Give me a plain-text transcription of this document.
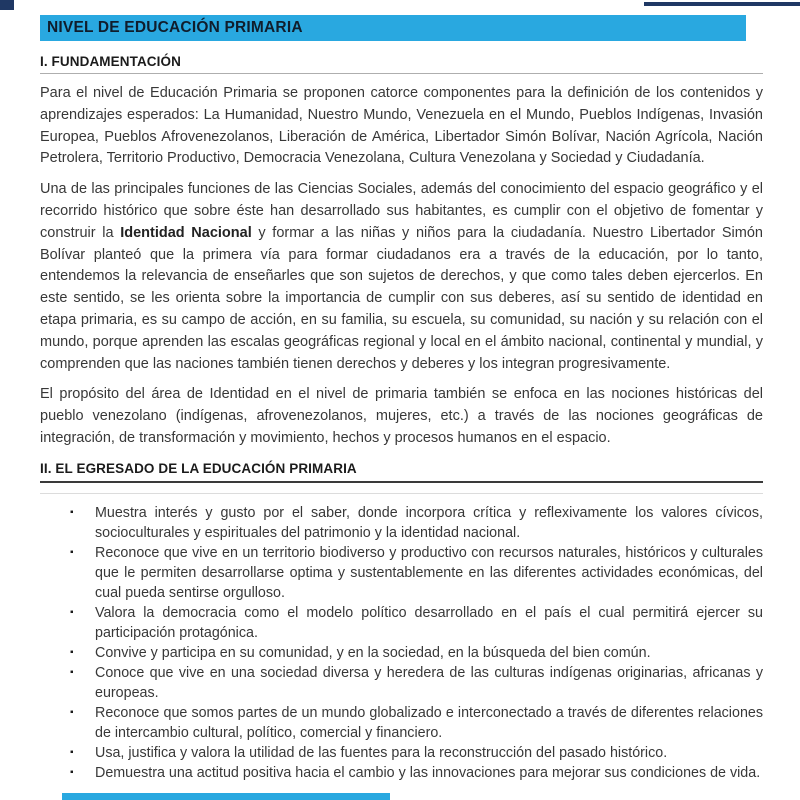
NIVEL DE EDUCACIÓN PRIMARIA
I. FUNDAMENTACIÓN

Para el nivel de Educación Primaria se proponen catorce componentes para la definición de los contenidos y aprendizajes esperados: La Humanidad, Nuestro Mundo, Venezuela en el Mundo, Pueblos Indígenas, Invasión Europea, Pueblos Afrovenezolanos, Liberación de América, Libertador Simón Bolívar, Nación Agrícola, Nación Petrolera, Territorio Productivo, Democracia Venezolana, Cultura Venezolana y Sociedad y Ciudadanía.

Una de las principales funciones de las Ciencias Sociales, además del conocimiento del espacio geográfico y el recorrido histórico que sobre éste han desarrollado sus habitantes, es cumplir con el objetivo de fomentar y construir la Identidad Nacional y formar a las niñas y niños para la ciudadanía. Nuestro Libertador Simón Bolívar planteó que la primera vía para formar ciudadanos era a través de la educación, por lo tanto, entendemos la relevancia de enseñarles que son sujetos de derechos, y que como tales deben ejercerlos. En este sentido, se les orienta sobre la importancia de cumplir con sus deberes, así su sentido de identidad en etapa primaria, es su campo de acción, en su familia, su escuela, su comunidad, su nación y su relación con el mundo, porque aprenden las escalas geográficas regional y local en el ámbito nacional, continental y mundial, y comprenden que las naciones también tienen derechos y deberes y los integran progresivamente.

El propósito del área de Identidad en el nivel de primaria también se enfoca en las nociones históricas del pueblo venezolano (indígenas, afrovenezolanos, mujeres, etc.) a través de las nociones geográficas de integración, de transformación y movimiento, hechos y procesos humanos en el espacio.

II. EL EGRESADO DE LA EDUCACIÓN PRIMARIA
▪ Muestra interés y gusto por el saber, donde incorpora crítica y reflexivamente los valores cívicos, socioculturales y espirituales del patrimonio y la identidad nacional.
▪ Reconoce que vive en un territorio biodiverso y productivo con recursos naturales, históricos y culturales que le permiten desarrollarse optima y sustentablemente en las diferentes actividades económicas, del cual pueda sentirse orgulloso.
▪ Valora la democracia como el modelo político desarrollado en el país el cual permitirá ejercer su participación protagónica.
▪ Convive y participa en su comunidad, y en la sociedad, en la búsqueda del bien común.
▪ Conoce que vive en una sociedad diversa y heredera de las culturas indígenas originarias, africanas y europeas.
▪ Reconoce que somos partes de un mundo globalizado e interconectado a través de diferentes relaciones de intercambio cultural, político, comercial y financiero.
▪ Usa, justifica y valora la utilidad de las fuentes para la reconstrucción del pasado histórico.
▪ Demuestra una actitud positiva hacia el cambio y las innovaciones para mejorar sus condiciones de vida.
